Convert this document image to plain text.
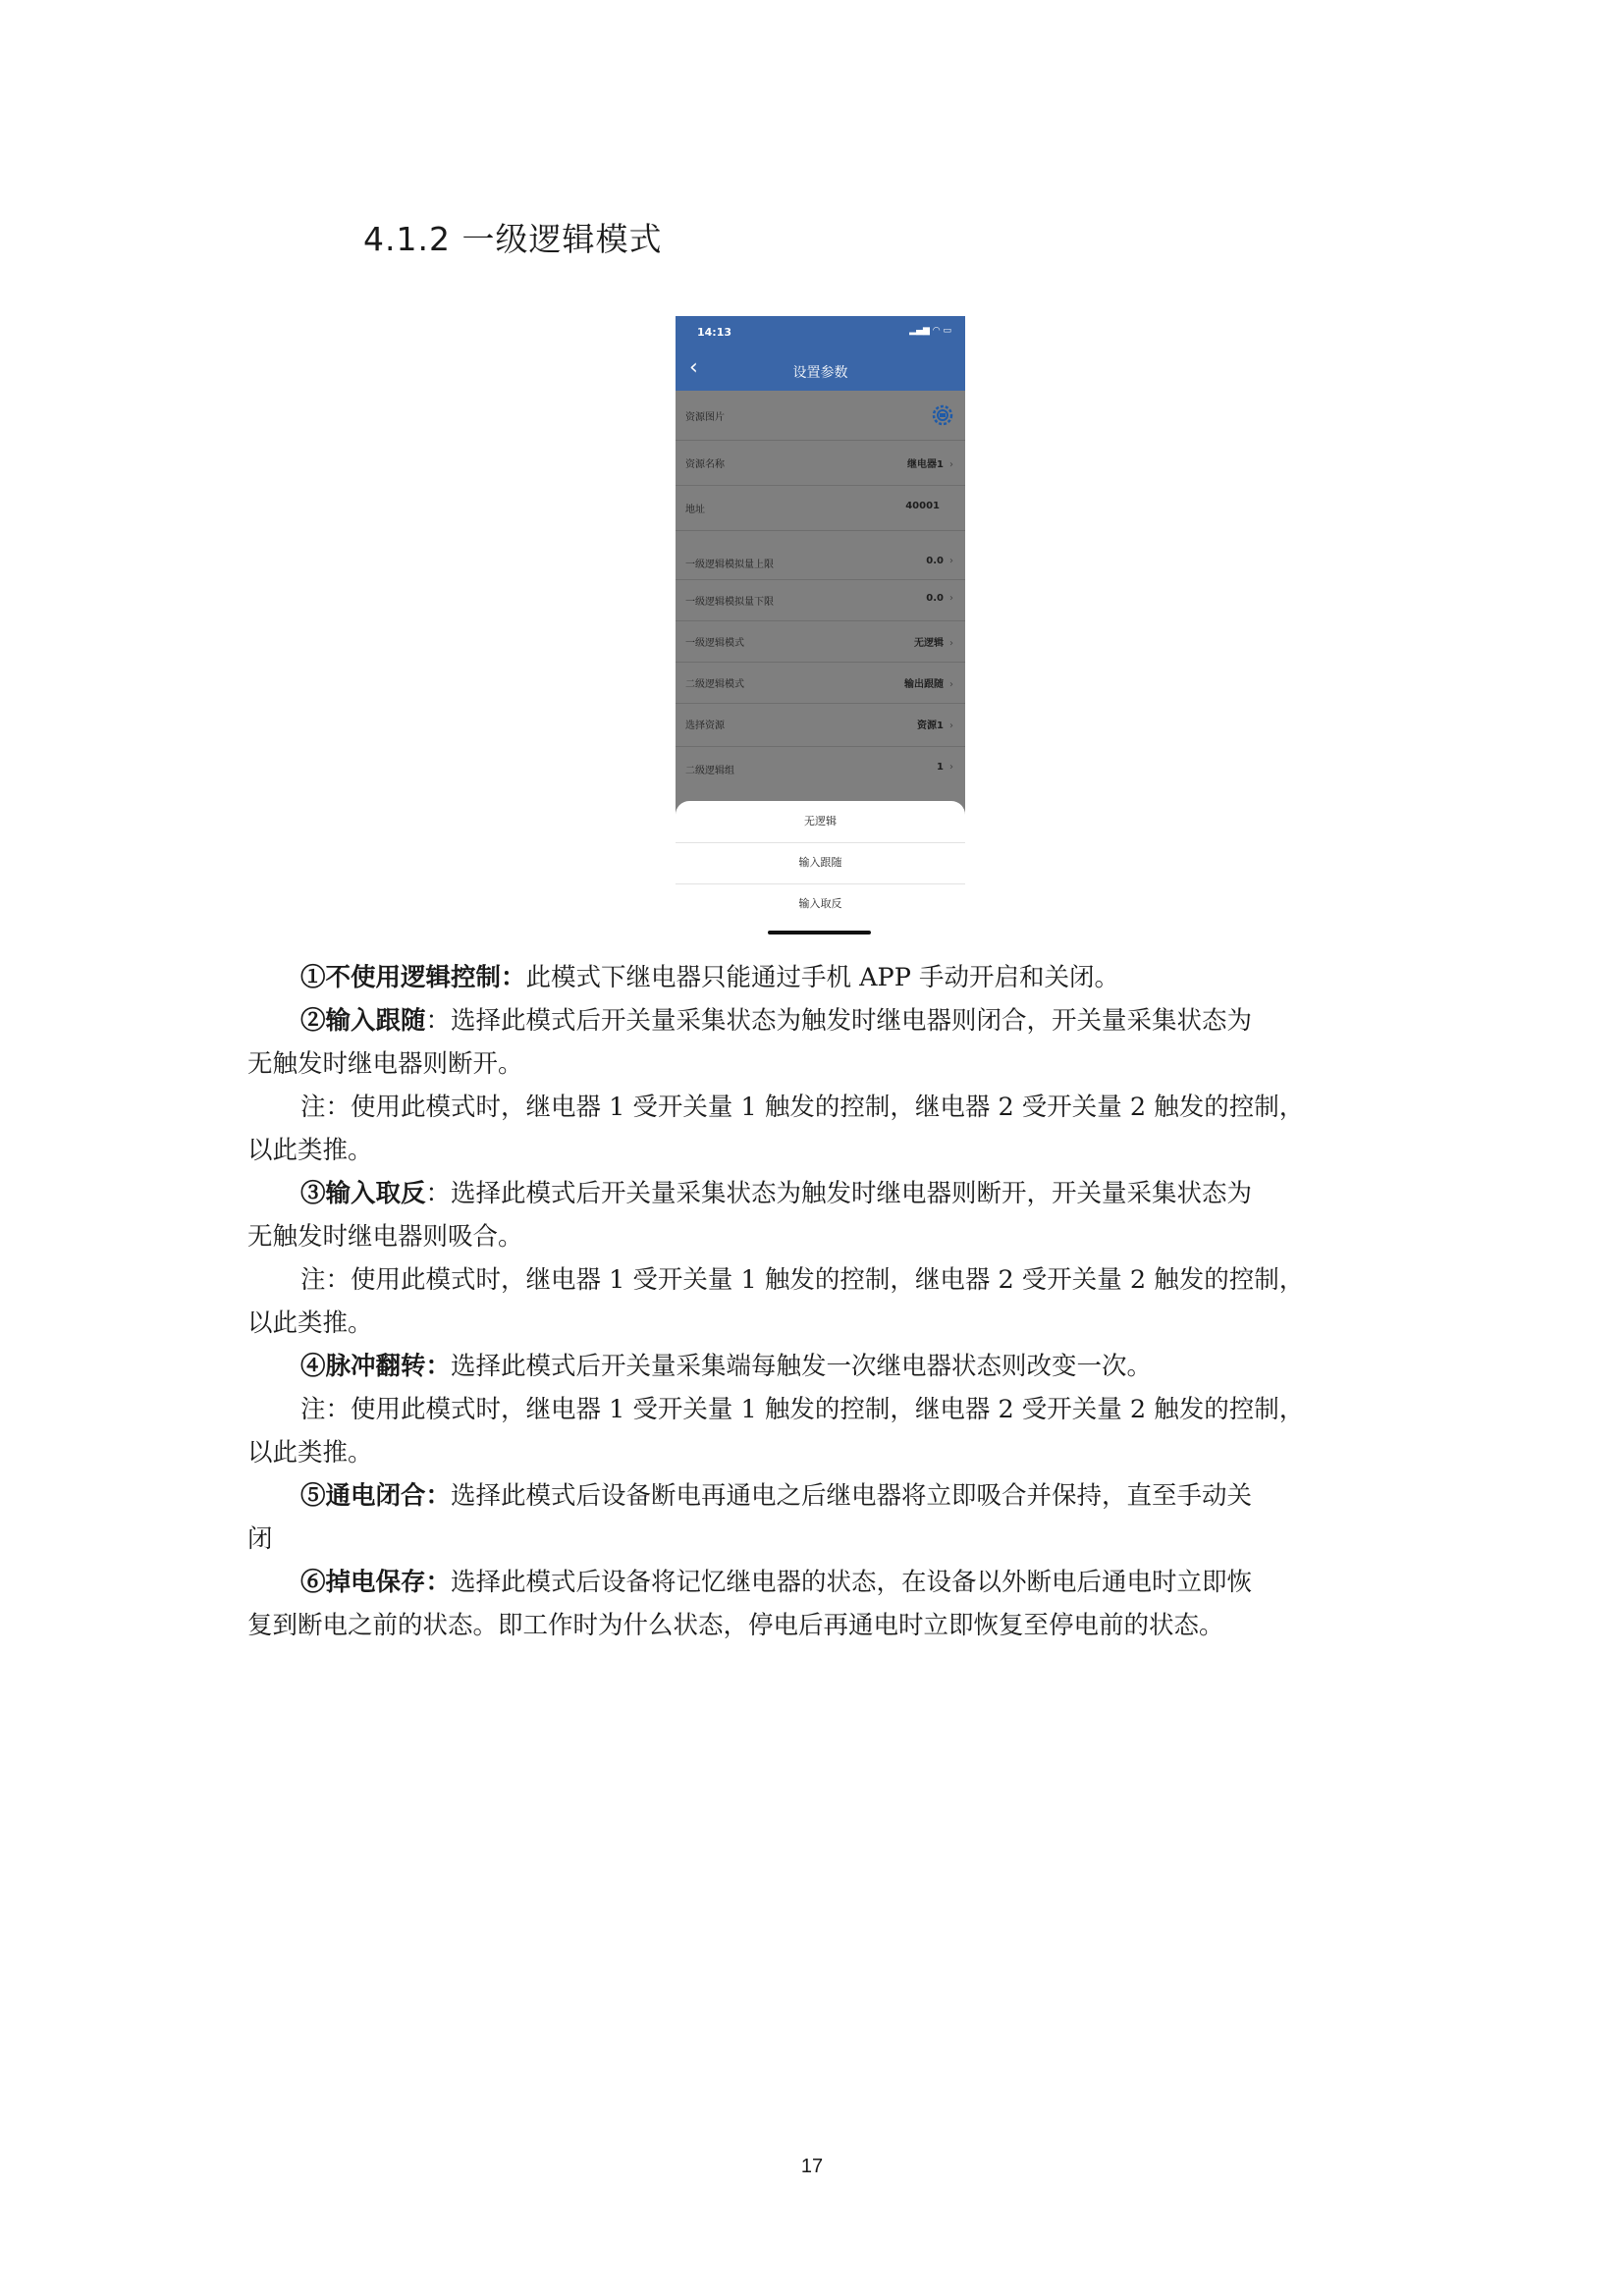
4.1.2 一级逻辑模式
14:13	▂▄▆ ◠ ▭
‹	设置参数
资源图片
资源名称	继电器1 ›
地址	40001
一级逻辑模拟量上限	0.0 ›
一级逻辑模拟量下限	0.0 ›
一级逻辑模式	无逻辑 ›
二级逻辑模式	输出跟随 ›
选择资源	资源1 ›
二级逻辑组	1 ›
无逻辑
输入跟随
输入取反
①不使用逻辑控制：此模式下继电器只能通过手机 APP 手动开启和关闭。
②输入跟随：选择此模式后开关量采集状态为触发时继电器则闭合，开关量采集状态为
无触发时继电器则断开。
注：使用此模式时，继电器 1 受开关量 1 触发的控制，继电器 2 受开关量 2 触发的控制，
以此类推。
③输入取反：选择此模式后开关量采集状态为触发时继电器则断开，开关量采集状态为
无触发时继电器则吸合。
注：使用此模式时，继电器 1 受开关量 1 触发的控制，继电器 2 受开关量 2 触发的控制，
以此类推。
④脉冲翻转：选择此模式后开关量采集端每触发一次继电器状态则改变一次。
注：使用此模式时，继电器 1 受开关量 1 触发的控制，继电器 2 受开关量 2 触发的控制，
以此类推。
⑤通电闭合：选择此模式后设备断电再通电之后继电器将立即吸合并保持，直至手动关
闭
⑥掉电保存：选择此模式后设备将记忆继电器的状态，在设备以外断电后通电时立即恢
复到断电之前的状态。即工作时为什么状态，停电后再通电时立即恢复至停电前的状态。
17
